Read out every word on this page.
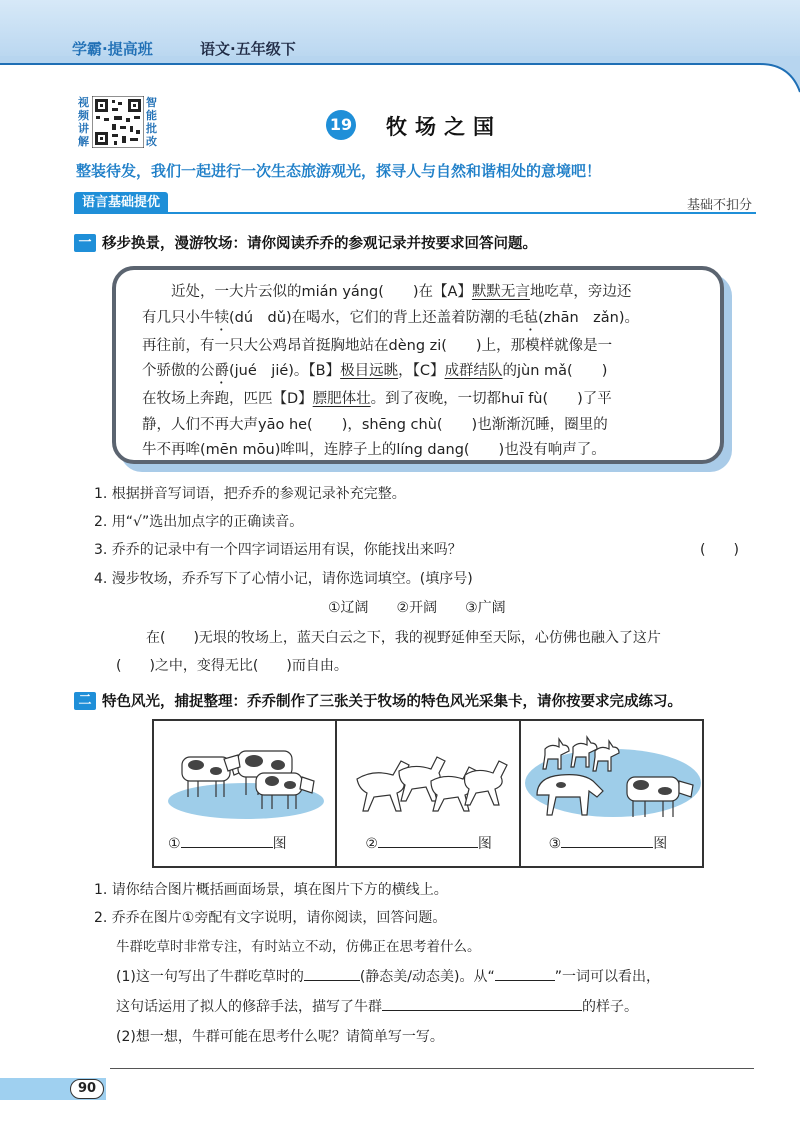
学霸·提高班	语文·五年级下
视频讲解
智能批改
19 牧场之国
整装待发，我们一起进行一次生态旅游观光，探寻人与自然和谐相处的意境吧！
语言基础提优	基础不扣分
一 移步换景，漫游牧场：请你阅读乔乔的参观记录并按要求回答问题。

近处，一大片云似的mián yáng(　　)在【A】默默无言地吃草，旁边还

有几只小牛犊(dú　dǔ)在喝水，它们的背上还盖着防潮的毛毡(zhān　zǎn)。

再往前，有一只大公鸡昂首挺胸地站在dèng zi(　　)上，那模样就像是一

个骄傲的公爵(jué　jié)。【B】极目远眺，【C】成群结队的jùn mǎ(　　)

在牧场上奔跑，匹匹【D】膘肥体壮。到了夜晚，一切都huī fù(　　)了平

静，人们不再大声yāo he(　　)，shēng chù(　　)也渐渐沉睡，圈里的

牛不再哞(mēn mōu)哞叫，连脖子上的líng dang(　　)也没有响声了。

1. 根据拼音写词语，把乔乔的参观记录补充完整。
2. 用“√”选出加点字的正确读音。
3. 乔乔的记录中有一个四字词语运用有误，你能找出来吗？	(　　)
4. 漫步牧场，乔乔写下了心情小记，请你选词填空。(填序号)
①辽阔　　②开阔　　③广阔
在(　　)无垠的牧场上，蓝天白云之下，我的视野延伸至天际，心仿佛也融入了这片
(　　)之中，变得无比(　　)而自由。
二 特色风光，捕捉整理：乔乔制作了三张关于牧场的特色风光采集卡，请你按要求完成练习。
①	图	②	图	③	图
1. 请你结合图片概括画面场景，填在图片下方的横线上。
2. 乔乔在图片①旁配有文字说明，请你阅读，回答问题。
牛群吃草时非常专注，有时站立不动，仿佛正在思考着什么。
(1)这一句写出了牛群吃草时的	(静态美/动态美)。从“	”一词可以看出，
这句话运用了拟人的修辞手法，描写了牛群	的样子。
(2)想一想，牛群可能在思考什么呢？请简单写一写。
90
